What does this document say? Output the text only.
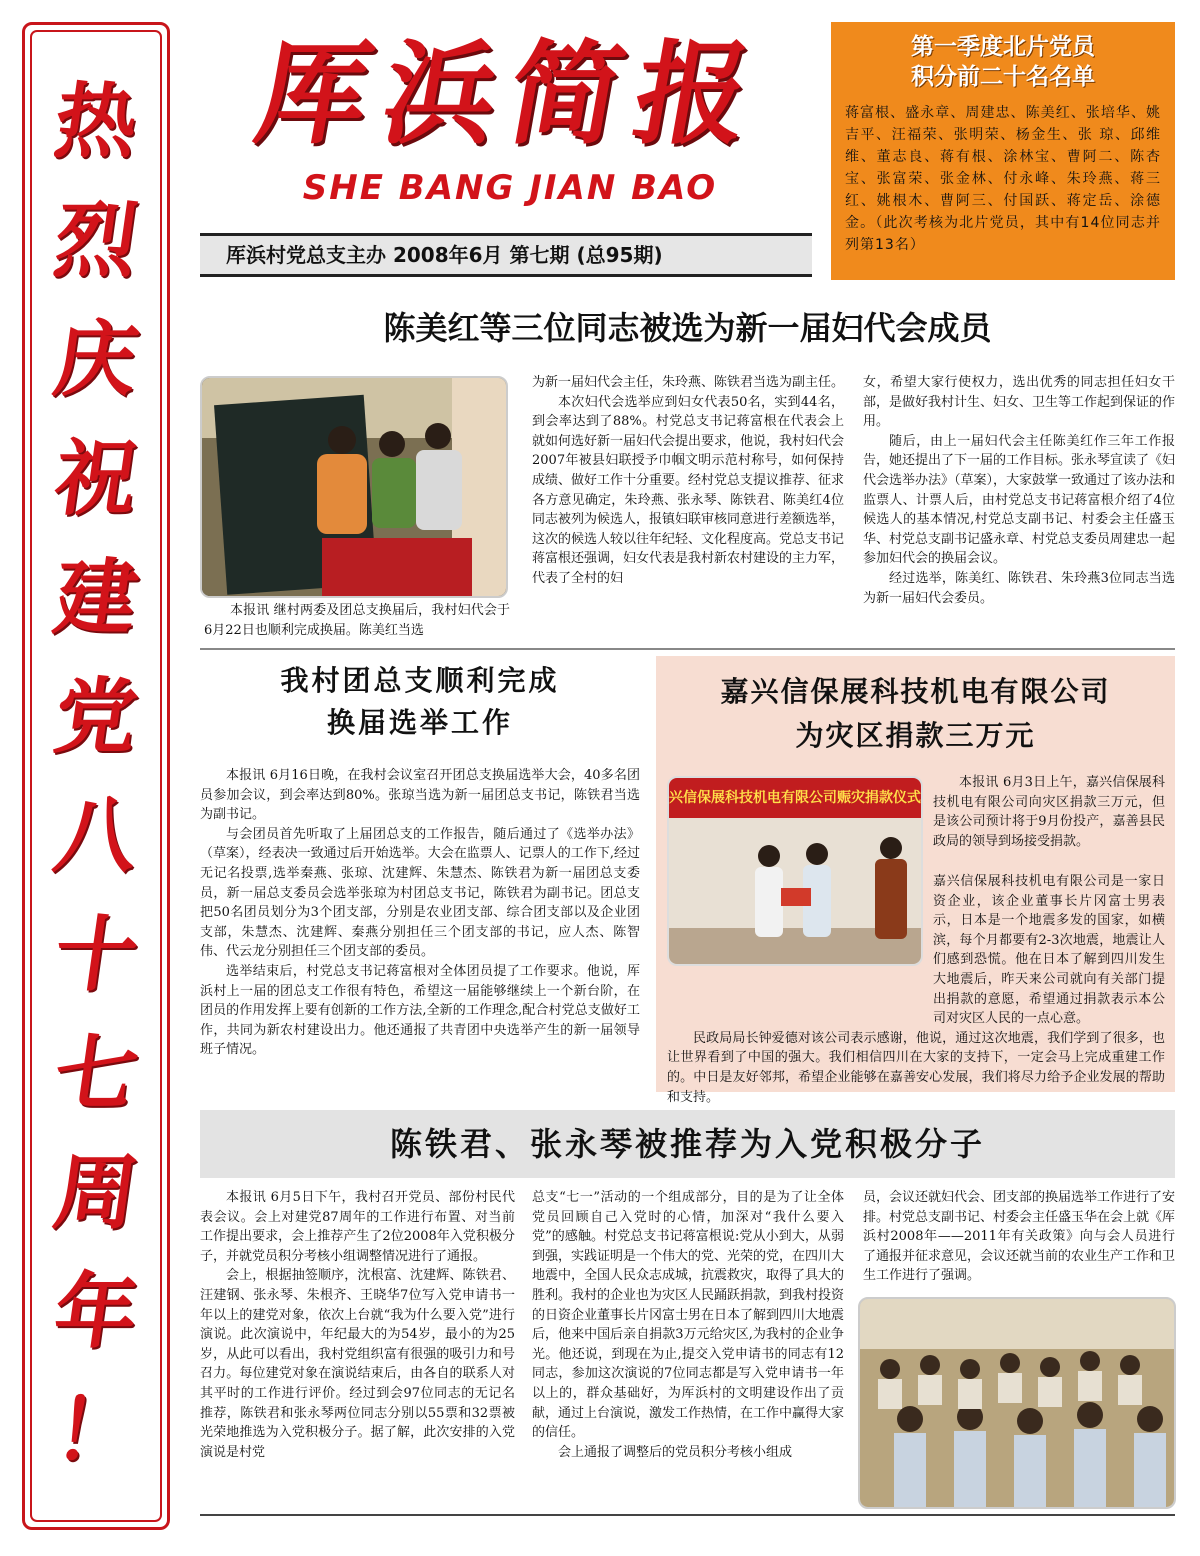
热
烈
庆
祝
建
党
八
十
七
周
年
！
厍浜简报
SHE BANG JIAN BAO
厍浜村党总支主办 2008年6月 第七期 (总95期)
第一季度北片党员
积分前二十名名单
蒋富根、盛永章、周建忠、陈美红、张培华、姚吉平、汪福荣、张明荣、杨金生、张 琼、邱维维、董志良、蒋有根、涂林宝、曹阿二、陈杏宝、张富荣、张金林、付永峰、朱玲燕、蒋三红、姚根木、曹阿三、付国跃、蒋定岳、涂德金。（此次考核为北片党员，其中有14位同志并列第13名）
陈美红等三位同志被选为新一届妇代会成员

本报讯 继村两委及团总支换届后，我村妇代会于6月22日也顺利完成换届。陈美红当选

为新一届妇代会主任，朱玲燕、陈铁君当选为副主任。

本次妇代会选举应到妇女代表50名，实到44名，到会率达到了88%。村党总支书记蒋富根在代表会上就如何选好新一届妇代会提出要求，他说，我村妇代会2007年被县妇联授予巾帼文明示范村称号，如何保持成绩、做好工作十分重要。经村党总支提议推荐、征求各方意见确定，朱玲燕、张永琴、陈铁君、陈美红4位同志被列为候选人，报镇妇联审核同意进行差额选举，这次的候选人较以往年纪轻、文化程度高。党总支书记蒋富根还强调，妇女代表是我村新农村建设的主力军，代表了全村的妇

女，希望大家行使权力，选出优秀的同志担任妇女干部，是做好我村计生、妇女、卫生等工作起到保证的作用。

随后，由上一届妇代会主任陈美红作三年工作报告，她还提出了下一届的工作目标。张永琴宣读了《妇代会选举办法》（草案），大家鼓掌一致通过了该办法和监票人、计票人后，由村党总支书记蒋富根介绍了4位候选人的基本情况,村党总支副书记、村委会主任盛玉华、村党总支副书记盛永章、村党总支委员周建忠一起参加妇代会的换届会议。

经过选举，陈美红、陈铁君、朱玲燕3位同志当选为新一届妇代会委员。

我村团总支顺利完成
换届选举工作

本报讯 6月16日晚，在我村会议室召开团总支换届选举大会，40多名团员参加会议，到会率达到80%。张琼当选为新一届团总支书记，陈铁君当选为副书记。

与会团员首先听取了上届团总支的工作报告，随后通过了《选举办法》（草案），经表决一致通过后开始选举。大会在监票人、记票人的工作下,经过无记名投票,选举秦燕、张琼、沈建辉、朱慧杰、陈铁君为新一届团总支委员，新一届总支委员会选举张琼为村团总支书记，陈铁君为副书记。团总支把50名团员划分为3个团支部，分别是农业团支部、综合团支部以及企业团支部，朱慧杰、沈建辉、秦燕分别担任三个团支部的书记，应人杰、陈智伟、代云龙分别担任三个团支部的委员。

选举结束后，村党总支书记蒋富根对全体团员提了工作要求。他说，厍浜村上一届的团总支工作很有特色，希望这一届能够继续上一个新台阶，在团员的作用发挥上要有创新的工作方法,全新的工作理念,配合村党总支做好工作，共同为新农村建设出力。他还通报了共青团中央选举产生的新一届领导班子情况。

嘉兴信保展科技机电有限公司
为灾区捐款三万元
兴信保展科技机电有限公司赈灾捐款仪式

本报讯 6月3日上午，嘉兴信保展科技机电有限公司向灾区捐款三万元，但是该公司预计将于9月份投产，嘉善县民政局的领导到场接受捐款。

嘉兴信保展科技机电有限公司是一家日资企业，该企业董事长片冈富士男表示，日本是一个地震多发的国家，如横滨，每个月都要有2-3次地震，地震让人们感到恐慌。他在日本了解到四川发生大地震后，昨天来公司就向有关部门提出捐款的意愿，希望通过捐款表示本公司对灾区人民的一点心意。

民政局局长钟爱德对该公司表示感谢，他说，通过这次地震，我们学到了很多，也让世界看到了中国的强大。我们相信四川在大家的支持下，一定会马上完成重建工作的。中日是友好邻邦，希望企业能够在嘉善安心发展，我们将尽力给予企业发展的帮助和支持。

陈铁君、张永琴被推荐为入党积极分子

本报讯 6月5日下午，我村召开党员、部份村民代表会议。会上对建党87周年的工作进行布置、对当前工作提出要求，会上推荐产生了2位2008年入党积极分子，并就党员积分考核小组调整情况进行了通报。

会上，根据抽签顺序，沈根富、沈建辉、陈铁君、汪建钢、张永琴、朱根齐、王晓华7位写入党申请书一年以上的建党对象，依次上台就“我为什么要入党”进行演说。此次演说中，年纪最大的为54岁，最小的为25岁，从此可以看出，我村党组织富有很强的吸引力和号召力。每位建党对象在演说结束后，由各自的联系人对其平时的工作进行评价。经过到会97位同志的无记名推荐，陈铁君和张永琴两位同志分别以55票和32票被光荣地推选为入党积极分子。据了解，此次安排的入党演说是村党

总支“七一”活动的一个组成部分，目的是为了让全体党员回顾自己入党时的心情，加深对“我什么要入党”的感触。村党总支书记蒋富根说:党从小到大，从弱到强，实践证明是一个伟大的党、光荣的党，在四川大地震中，全国人民众志成城，抗震救灾，取得了具大的胜利。我村的企业也为灾区人民踊跃捐款，到我村投资的日资企业董事长片冈富士男在日本了解到四川大地震后，他来中国后亲自捐款3万元给灾区,为我村的企业争光。他还说，到现在为止,提交入党申请书的同志有12同志，参加这次演说的7位同志都是写入党申请书一年以上的，群众基础好，为厍浜村的文明建设作出了贡献，通过上台演说，激发工作热情，在工作中赢得大家的信任。

会上通报了调整后的党员积分考核小组成

员，会议还就妇代会、团支部的换届选举工作进行了安排。村党总支副书记、村委会主任盛玉华在会上就《厍浜村2008年——2011年有关政策》向与会人员进行了通报并征求意见，会议还就当前的农业生产工作和卫生工作进行了强调。
